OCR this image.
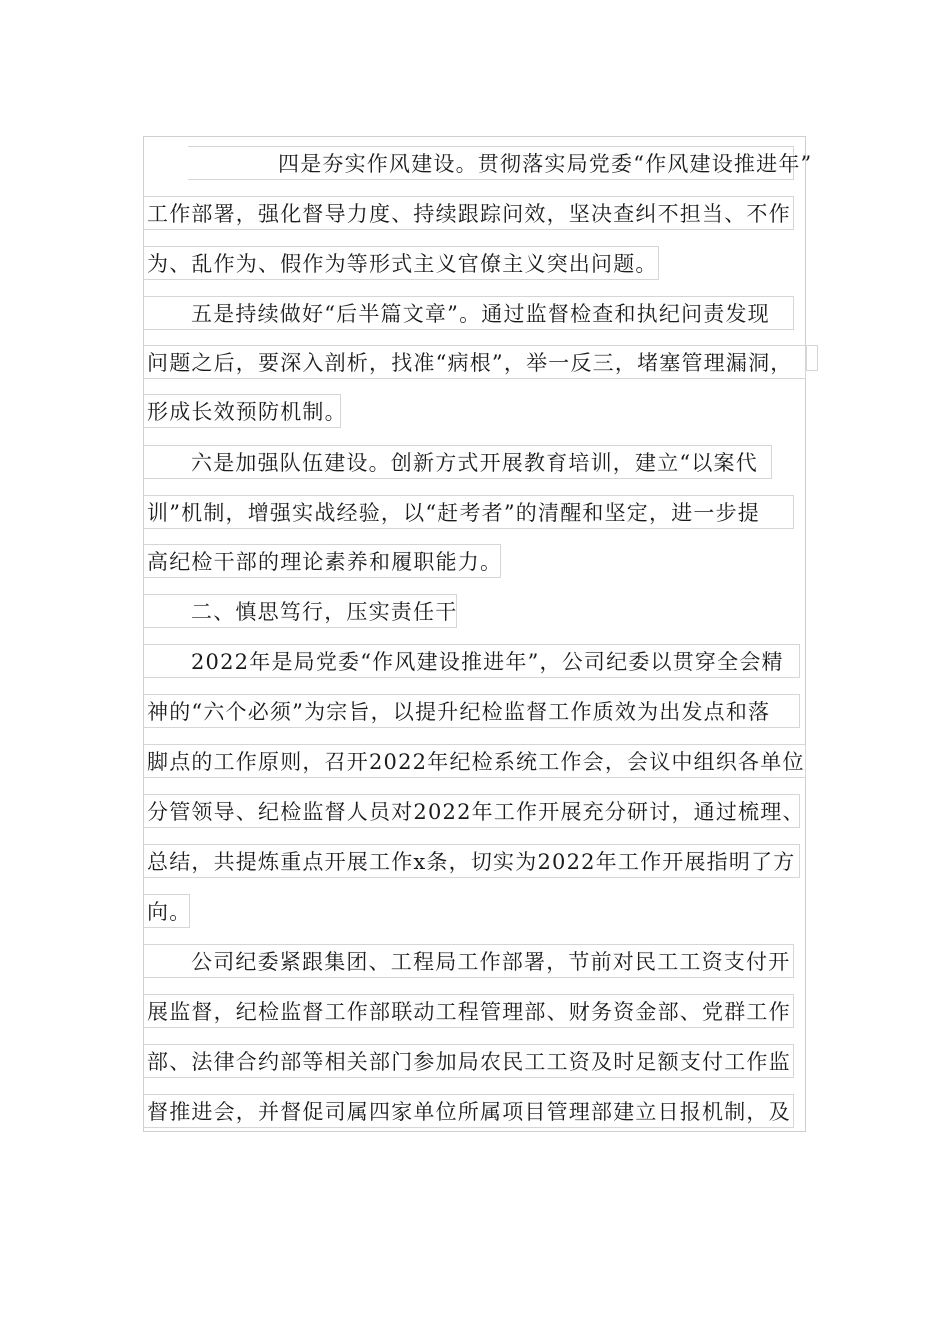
四是夯实作风建设。贯彻落实局党委“作风建设推进年”
工作部署，强化督导力度、持续跟踪问效，坚决查纠不担当、不作
为、乱作为、假作为等形式主义官僚主义突出问题。
五是持续做好“后半篇文章”。通过监督检查和执纪问责发现
问题之后，要深入剖析，找准“病根”，举一反三，堵塞管理漏洞，
形成长效预防机制。
六是加强队伍建设。创新方式开展教育培训，建立“以案代
训”机制，增强实战经验，以“赶考者”的清醒和坚定，进一步提
高纪检干部的理论素养和履职能力。
二、慎思笃行，压实责任干
2022年是局党委“作风建设推进年”，公司纪委以贯穿全会精
神的“六个必须”为宗旨，以提升纪检监督工作质效为出发点和落
脚点的工作原则，召开2022年纪检系统工作会，会议中组织各单位
分管领导、纪检监督人员对2022年工作开展充分研讨，通过梳理、
总结，共提炼重点开展工作x条，切实为2022年工作开展指明了方
向。
公司纪委紧跟集团、工程局工作部署，节前对民工工资支付开
展监督，纪检监督工作部联动工程管理部、财务资金部、党群工作
部、法律合约部等相关部门参加局农民工工资及时足额支付工作监
督推进会，并督促司属四家单位所属项目管理部建立日报机制，及
